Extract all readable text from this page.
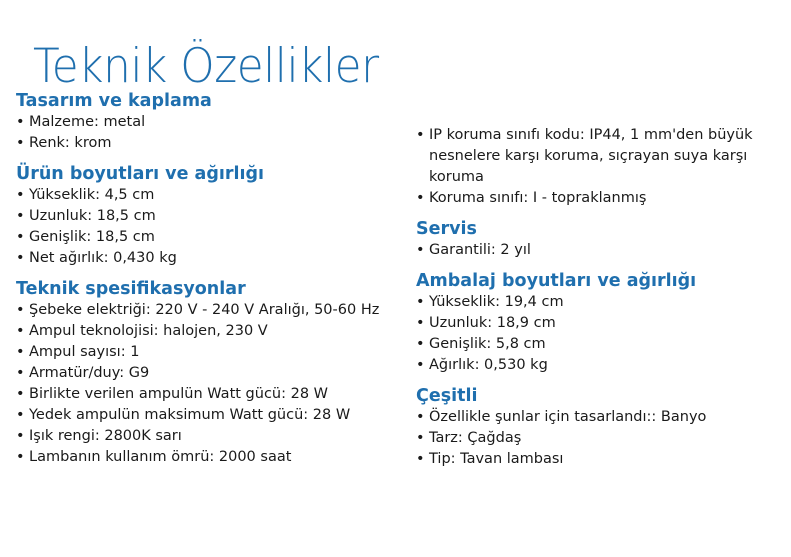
Teknik Özellikler
Tasarım ve kaplama
• Malzeme: metal
• Renk: krom
Ürün boyutları ve ağırlığı
• Yükseklik: 4,5 cm
• Uzunluk: 18,5 cm
• Genişlik: 18,5 cm
• Net ağırlık: 0,430 kg
Teknik spesifikasyonlar
• Şebeke elektriği: 220 V - 240 V Aralığı, 50-60 Hz
• Ampul teknolojisi: halojen, 230 V
• Ampul sayısı: 1
• Armatür/duy: G9
• Birlikte verilen ampulün Watt gücü: 28 W
• Yedek ampulün maksimum Watt gücü: 28 W
• Işık rengi: 2800K sarı
• Lambanın kullanım ömrü: 2000 saat
• IP koruma sınıfı kodu: IP44, 1 mm'den büyük nesnelere karşı koruma, sıçrayan suya karşı koruma
• Koruma sınıfı: I - topraklanmış
Servis
• Garantili: 2 yıl
Ambalaj boyutları ve ağırlığı
• Yükseklik: 19,4 cm
• Uzunluk: 18,9 cm
• Genişlik: 5,8 cm
• Ağırlık: 0,530 kg
Çeşitli
• Özellikle şunlar için tasarlandı:: Banyo
• Tarz: Çağdaş
• Tip: Tavan lambası
